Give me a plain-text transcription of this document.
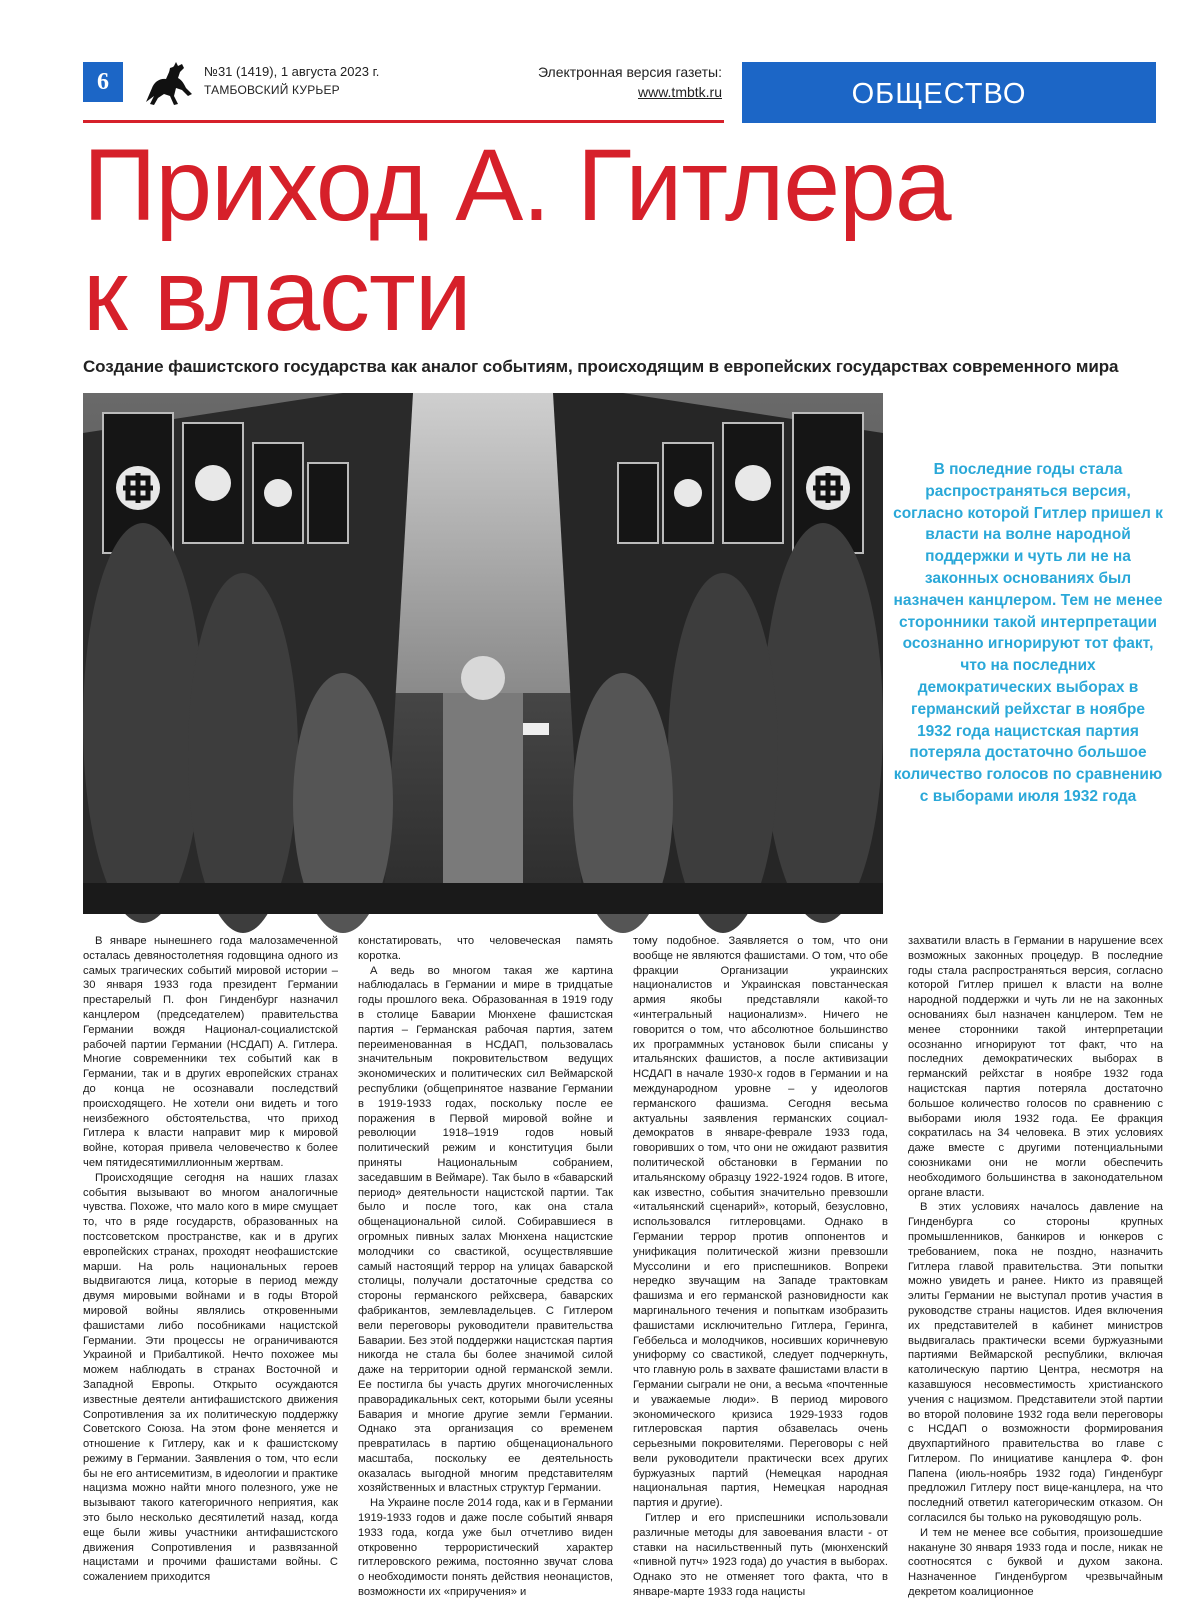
6	№31 (1419), 1 августа 2023 г.
ТАМБОВСКИЙ КУРЬЕР
Электронная версия газеты:
www.tmbtk.ru	ОБЩЕСТВО
Приход А. Гитлера
к власти

Создание фашистского государства как аналог событиям, происходящим в европейских государствах современного мира

В последние годы стала распространяться версия, согласно которой Гитлер пришел к власти на волне народной поддержки и чуть ли не на законных основаниях был назначен канцлером. Тем не менее сторонники такой интерпретации осознанно игнорируют тот факт, что на последних демократических выборах в германский рейхстаг в ноябре 1932 года нацистская партия потеряла достаточно большое количество голосов по сравнению с выборами июля 1932 года

В январе нынешнего года малозамеченной осталась девяностолетняя годовщина одного из самых трагических событий мировой истории – 30 января 1933 года президент Германии престарелый П. фон Гинденбург назначил канцлером (председателем) правительства Германии вождя Национал-социалистской рабочей партии Германии (НСДАП) А. Гитлера. Многие современники тех событий как в Германии, так и в других европейских странах до конца не осознавали последствий происходящего. Не хотели они видеть и того неизбежного обстоятельства, что приход Гитлера к власти направит мир к мировой войне, которая привела человечество к более чем пятидесятимиллионным жертвам.

Происходящие сегодня на наших глазах события вызывают во многом аналогичные чувства. Похоже, что мало кого в мире смущает то, что в ряде государств, образованных на постсоветском пространстве, как и в других европейских странах, проходят неофашистские марши. На роль национальных героев выдвигаются лица, которые в период между двумя мировыми войнами и в годы Второй мировой войны являлись откровенными фашистами либо пособниками нацистской Германии. Эти процессы не ограничиваются Украиной и Прибалтикой. Нечто похожее мы можем наблюдать в странах Восточной и Западной Европы. Открыто осуждаются известные деятели антифашистского движения Сопротивления за их политическую поддержку Советского Союза. На этом фоне меняется и отношение к Гитлеру, как и к фашистскому режиму в Германии. Заявления о том, что если бы не его антисемитизм, в идеологии и практике нацизма можно найти много полезного, уже не вызывают такого категоричного неприятия, как это было несколько десятилетий назад, когда еще были живы участники антифашистского движения Сопротивления и развязанной нацистами и прочими фашистами войны. С сожалением приходится

констатировать, что человеческая память коротка.

А ведь во многом такая же картина наблюдалась в Германии и мире в тридцатые годы прошлого века. Образованная в 1919 году в столице Баварии Мюнхене фашистская партия – Германская рабочая партия, затем переименованная в НСДАП, пользовалась значительным покровительством ведущих экономических и политических сил Веймарской республики (общепринятое название Германии в 1919-1933 годах, поскольку после ее поражения в Первой мировой войне и революции 1918–1919 годов новый политический режим и конституция были приняты Национальным собранием, заседавшим в Веймаре). Так было в «баварский период» деятельности нацистской партии. Так было и после того, как она стала общенациональной силой. Собиравшиеся в огромных пивных залах Мюнхена нацистские молодчики со свастикой, осуществлявшие самый настоящий террор на улицах баварской столицы, получали достаточные средства со стороны германского рейхсвера, баварских фабрикантов, землевладельцев. С Гитлером вели переговоры руководители правительства Баварии. Без этой поддержки нацистская партия никогда не стала бы более значимой силой даже на территории одной германской земли. Ее постигла бы участь других многочисленных праворадикальных сект, которыми были усеяны Бавария и многие другие земли Германии. Однако эта организация со временем превратилась в партию общенационального масштаба, поскольку ее деятельность оказалась выгодной многим представителям хозяйственных и властных структур Германии.

На Украине после 2014 года, как и в Германии 1919-1933 годов и даже после событий января 1933 года, когда уже был отчетливо виден откровенно террористический характер гитлеровского режима, постоянно звучат слова о необходимости понять действия неонацистов, возможности их «приручения» и

тому подобное. Заявляется о том, что они вообще не являются фашистами. О том, что обе фракции Организации украинских националистов и Украинская повстанческая армия якобы представляли какой-то «интегральный национализм». Ничего не говорится о том, что абсолютное большинство их программных установок были списаны у итальянских фашистов, а после активизации НСДАП в начале 1930-х годов в Германии и на международном уровне – у идеологов германского фашизма. Сегодня весьма актуальны заявления германских социал-демократов в январе-феврале 1933 года, говоривших о том, что они не ожидают развития политической обстановки в Германии по итальянскому образцу 1922-1924 годов. В итоге, как известно, события значительно превзошли «итальянский сценарий», который, безусловно, использовался гитлеровцами. Однако в Германии террор против оппонентов и унификация политической жизни превзошли Муссолини и его приспешников. Вопреки нередко звучащим на Западе трактовкам фашизма и его германской разновидности как маргинального течения и попыткам изобразить фашистами исключительно Гитлера, Геринга, Геббельса и молодчиков, носивших коричневую униформу со свастикой, следует подчеркнуть, что главную роль в захвате фашистами власти в Германии сыграли не они, а весьма «почтенные и уважаемые люди». В период мирового экономического кризиса 1929-1933 годов гитлеровская партия обзавелась очень серьезными покровителями. Переговоры с ней вели руководители практически всех других буржуазных партий (Немецкая народная национальная партия, Немецкая народная партия и другие).

Гитлер и его приспешники использовали различные методы для завоевания власти - от ставки на насильственный путь (мюнхенский «пивной путч» 1923 года) до участия в выборах. Однако это не отменяет того факта, что в январе-марте 1933 года нацисты

захватили власть в Германии в нарушение всех возможных законных процедур. В последние годы стала распространяться версия, согласно которой Гитлер пришел к власти на волне народной поддержки и чуть ли не на законных основаниях был назначен канцлером. Тем не менее сторонники такой интерпретации осознанно игнорируют тот факт, что на последних демократических выборах в германский рейхстаг в ноябре 1932 года нацистская партия потеряла достаточно большое количество голосов по сравнению с выборами июля 1932 года. Ее фракция сократилась на 34 человека. В этих условиях даже вместе с другими потенциальными союзниками они не могли обеспечить необходимого большинства в законодательном органе власти.

В этих условиях началось давление на Гинденбурга со стороны крупных промышленников, банкиров и юнкеров с требованием, пока не поздно, назначить Гитлера главой правительства. Эти попытки можно увидеть и ранее. Никто из правящей элиты Германии не выступал против участия в руководстве страны нацистов. Идея включения их представителей в кабинет министров выдвигалась практически всеми буржуазными партиями Веймарской республики, включая католическую партию Центра, несмотря на казавшуюся несовместимость христианского учения с нацизмом. Представители этой партии во второй половине 1932 года вели переговоры с НСДАП о возможности формирования двухпартийного правительства во главе с Гитлером. По инициативе канцлера Ф. фон Папена (июль-ноябрь 1932 года) Гинденбург предложил Гитлеру пост вице-канцлера, на что последний ответил категорическим отказом. Он согласился бы только на руководящую роль.

И тем не менее все события, произошедшие накануне 30 января 1933 года и после, никак не соотносятся с буквой и духом закона. Назначенное Гинденбургом чрезвычайным декретом коалиционное
